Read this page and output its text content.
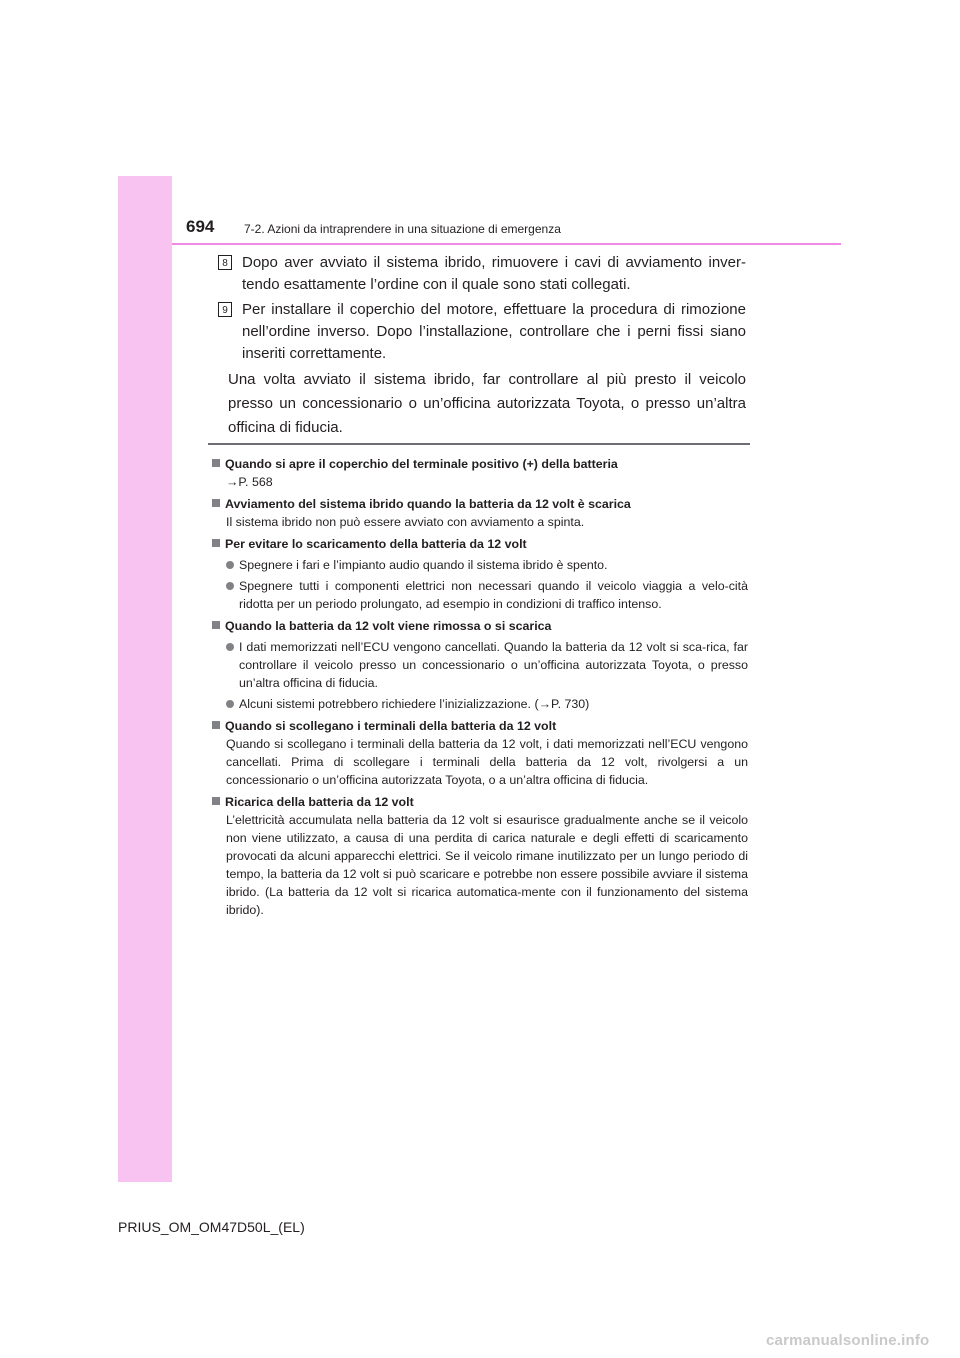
694 7-2. Azioni da intraprendere in una situazione di emergenza
8 Dopo aver avviato il sistema ibrido, rimuovere i cavi di avviamento inver-tendo esattamente l’ordine con il quale sono stati collegati.
9 Per installare il coperchio del motore, effettuare la procedura di rimozione nell’ordine inverso. Dopo l’installazione, controllare che i perni fissi siano inseriti correttamente.
Una volta avviato il sistema ibrido, far controllare al più presto il veicolo presso un concessionario o un’officina autorizzata Toyota, o presso un’altra officina di fiducia.
Quando si apre il coperchio del terminale positivo (+) della batteria
→P. 568
Avviamento del sistema ibrido quando la batteria da 12 volt è scarica
Il sistema ibrido non può essere avviato con avviamento a spinta.
Per evitare lo scaricamento della batteria da 12 volt
Spegnere i fari e l’impianto audio quando il sistema ibrido è spento.
Spegnere tutti i componenti elettrici non necessari quando il veicolo viaggia a velo-cità ridotta per un periodo prolungato, ad esempio in condizioni di traffico intenso.
Quando la batteria da 12 volt viene rimossa o si scarica
I dati memorizzati nell’ECU vengono cancellati. Quando la batteria da 12 volt si sca-rica, far controllare il veicolo presso un concessionario o un’officina autorizzata Toyota, o presso un’altra officina di fiducia.
Alcuni sistemi potrebbero richiedere l’inizializzazione. (→P. 730)
Quando si scollegano i terminali della batteria da 12 volt
Quando si scollegano i terminali della batteria da 12 volt, i dati memorizzati nell’ECU vengono cancellati. Prima di scollegare i terminali della batteria da 12 volt, rivolgersi a un concessionario o un’officina autorizzata Toyota, o a un’altra officina di fiducia.
Ricarica della batteria da 12 volt
L’elettricità accumulata nella batteria da 12 volt si esaurisce gradualmente anche se il veicolo non viene utilizzato, a causa di una perdita di carica naturale e degli effetti di scaricamento provocati da alcuni apparecchi elettrici. Se il veicolo rimane inutilizzato per un lungo periodo di tempo, la batteria da 12 volt si può scaricare e potrebbe non essere possibile avviare il sistema ibrido. (La batteria da 12 volt si ricarica automatica-mente con il funzionamento del sistema ibrido).
PRIUS_OM_OM47D50L_(EL)
carmanualsonline.info
